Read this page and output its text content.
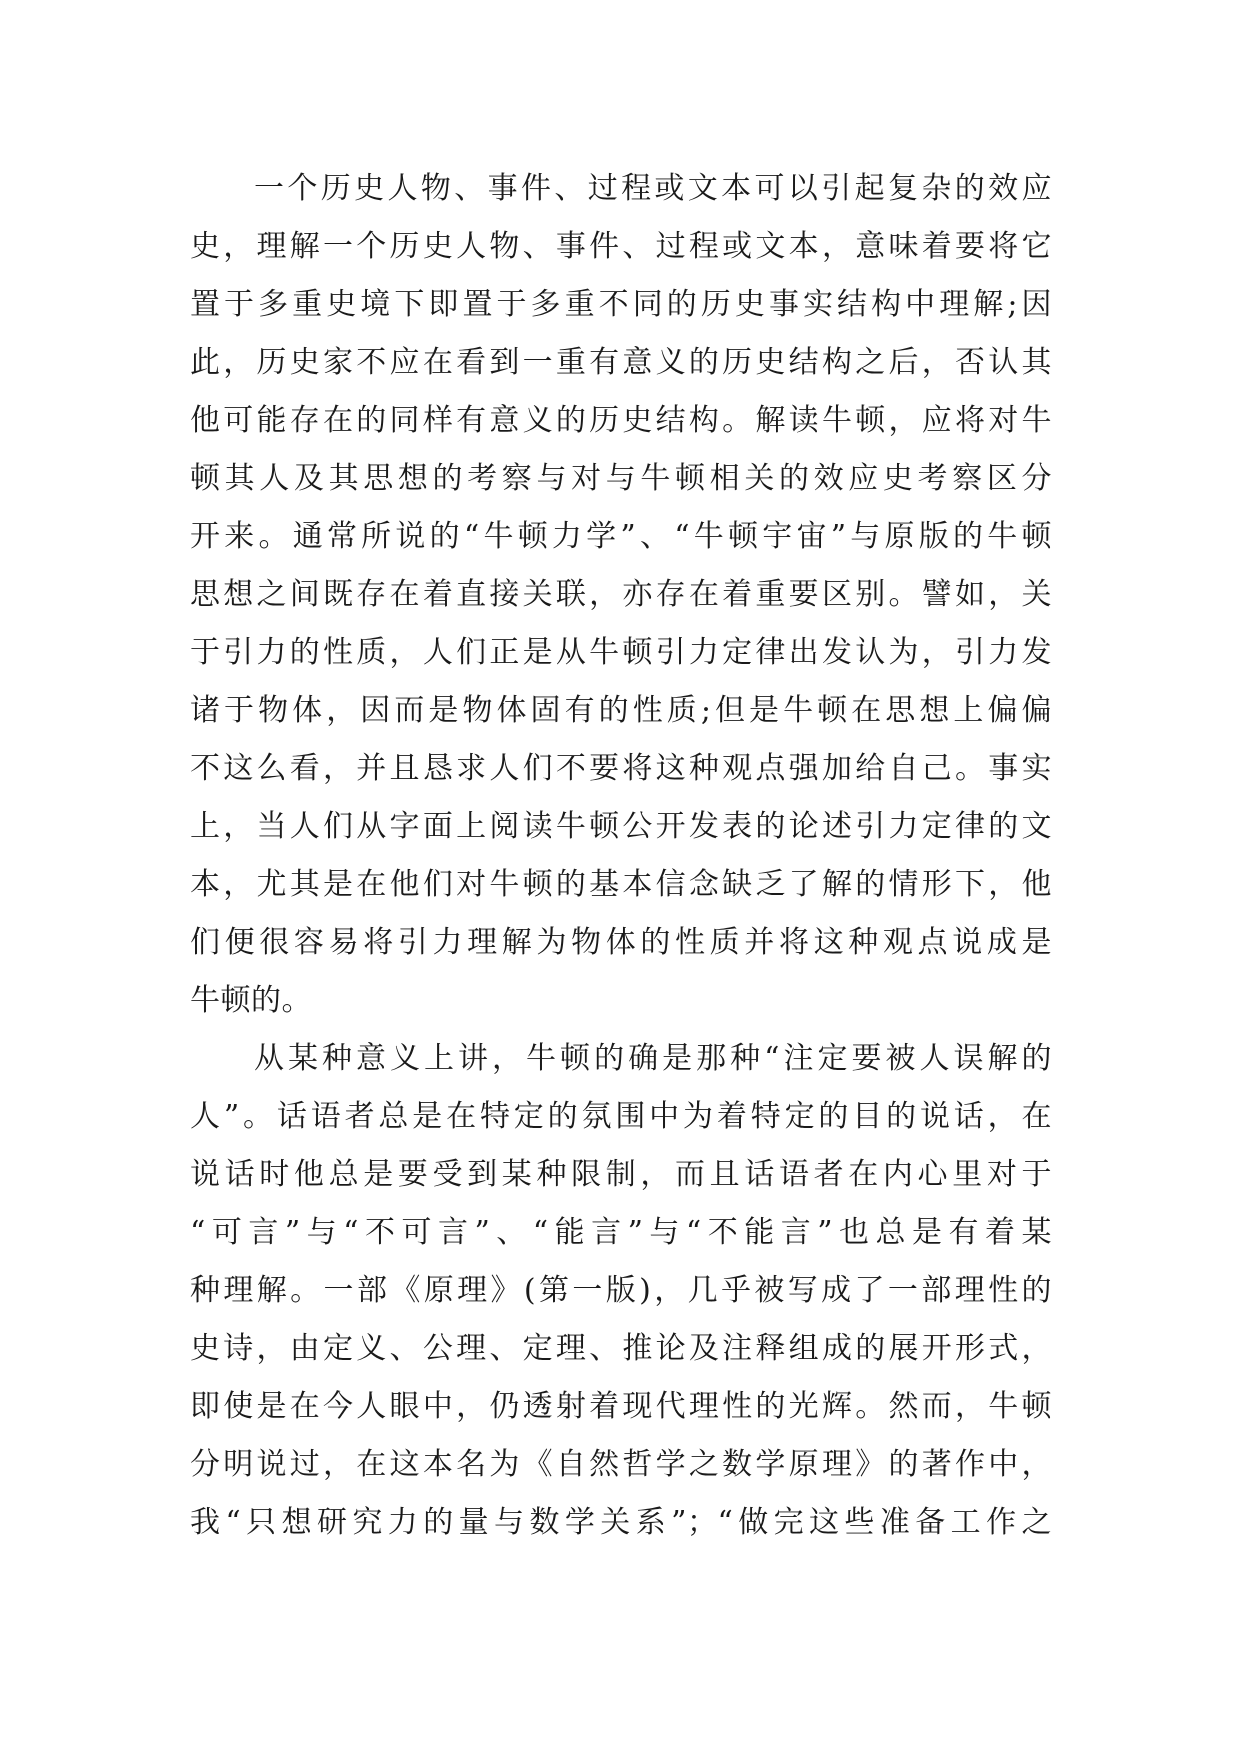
一个历史人物、事件、过程或文本可以引起复杂的效应
史，理解一个历史人物、事件、过程或文本，意味着要将它
置于多重史境下即置于多重不同的历史事实结构中理解;因
此，历史家不应在看到一重有意义的历史结构之后，否认其
他可能存在的同样有意义的历史结构。解读牛顿，应将对牛
顿其人及其思想的考察与对与牛顿相关的效应史考察区分
开来。通常所说的“牛顿力学”、“牛顿宇宙”与原版的牛顿
思想之间既存在着直接关联，亦存在着重要区别。譬如，关
于引力的性质，人们正是从牛顿引力定律出发认为，引力发
诸于物体，因而是物体固有的性质;但是牛顿在思想上偏偏
不这么看，并且恳求人们不要将这种观点强加给自己。事实
上，当人们从字面上阅读牛顿公开发表的论述引力定律的文
本，尤其是在他们对牛顿的基本信念缺乏了解的情形下，他
们便很容易将引力理解为物体的性质并将这种观点说成是
牛顿的。
从某种意义上讲，牛顿的确是那种“注定要被人误解的
人”。话语者总是在特定的氛围中为着特定的目的说话，在
说话时他总是要受到某种限制，而且话语者在内心里对于
“可言”与“不可言”、“能言”与“不能言”也总是有着某
种理解。一部《原理》(第一版)，几乎被写成了一部理性的
史诗，由定义、公理、定理、推论及注释组成的展开形式，
即使是在今人眼中，仍透射着现代理性的光辉。然而，牛顿
分明说过，在这本名为《自然哲学之数学原理》的著作中，
我“只想研究力的量与数学关系”；“做完这些准备工作之
